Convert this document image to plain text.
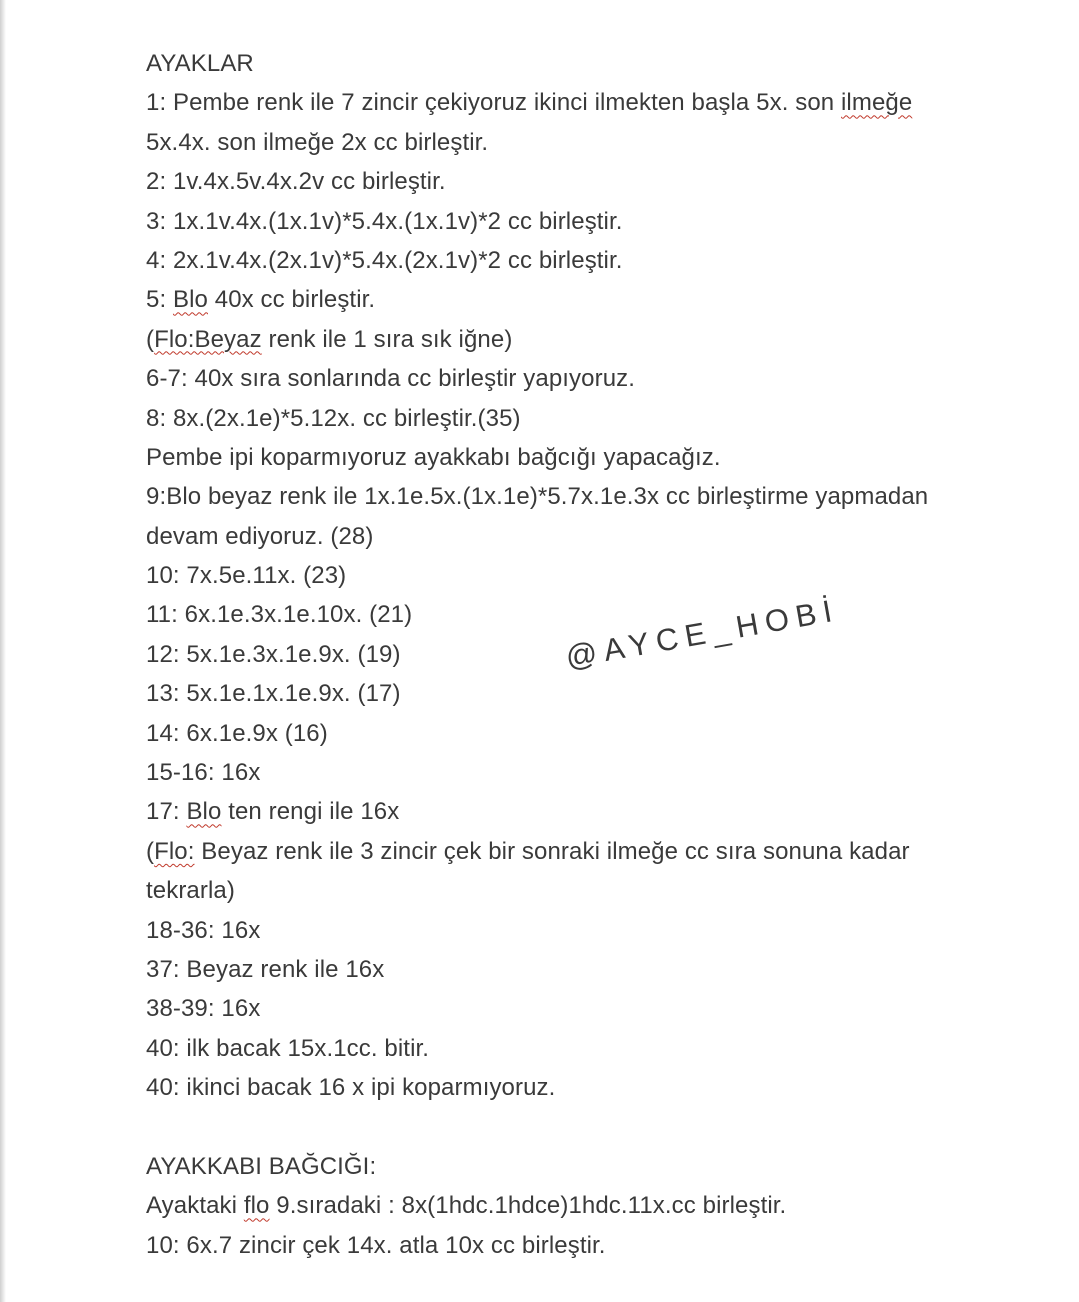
AYAKLAR
1: Pembe renk ile 7 zincir çekiyoruz ikinci ilmekten başla 5x. son ilmeğe
5x.4x. son ilmeğe 2x cc birleştir.
2: 1v.4x.5v.4x.2v cc birleştir.
3: 1x.1v.4x.(1x.1v)*5.4x.(1x.1v)*2 cc birleştir.
4: 2x.1v.4x.(2x.1v)*5.4x.(2x.1v)*2 cc birleştir.
5: Blo 40x cc birleştir.
(Flo:Beyaz renk ile 1 sıra sık iğne)
6-7: 40x sıra sonlarında cc birleştir yapıyoruz.
8: 8x.(2x.1e)*5.12x. cc birleştir.(35)
Pembe ipi koparmıyoruz ayakkabı bağcığı yapacağız.
9:Blo beyaz renk ile 1x.1e.5x.(1x.1e)*5.7x.1e.3x cc birleştirme yapmadan
devam ediyoruz. (28)
10: 7x.5e.11x. (23)
11: 6x.1e.3x.1e.10x. (21)
12: 5x.1e.3x.1e.9x. (19)
13: 5x.1e.1x.1e.9x. (17)
14: 6x.1e.9x (16)
15-16: 16x
17: Blo ten rengi ile 16x
(Flo: Beyaz renk ile 3 zincir çek bir sonraki ilmeğe cc sıra sonuna kadar
tekrarla)
18-36: 16x
37: Beyaz renk ile 16x
38-39: 16x
40: ilk bacak 15x.1cc. bitir.
40: ikinci bacak 16 x ipi koparmıyoruz.
AYAKKABI BAĞCIĞI:
Ayaktaki flo 9.sıradaki : 8x(1hdc.1hdce)1hdc.11x.cc birleştir.
10: 6x.7 zincir çek 14x. atla 10x cc birleştir.
@AYCE_HOBİ
